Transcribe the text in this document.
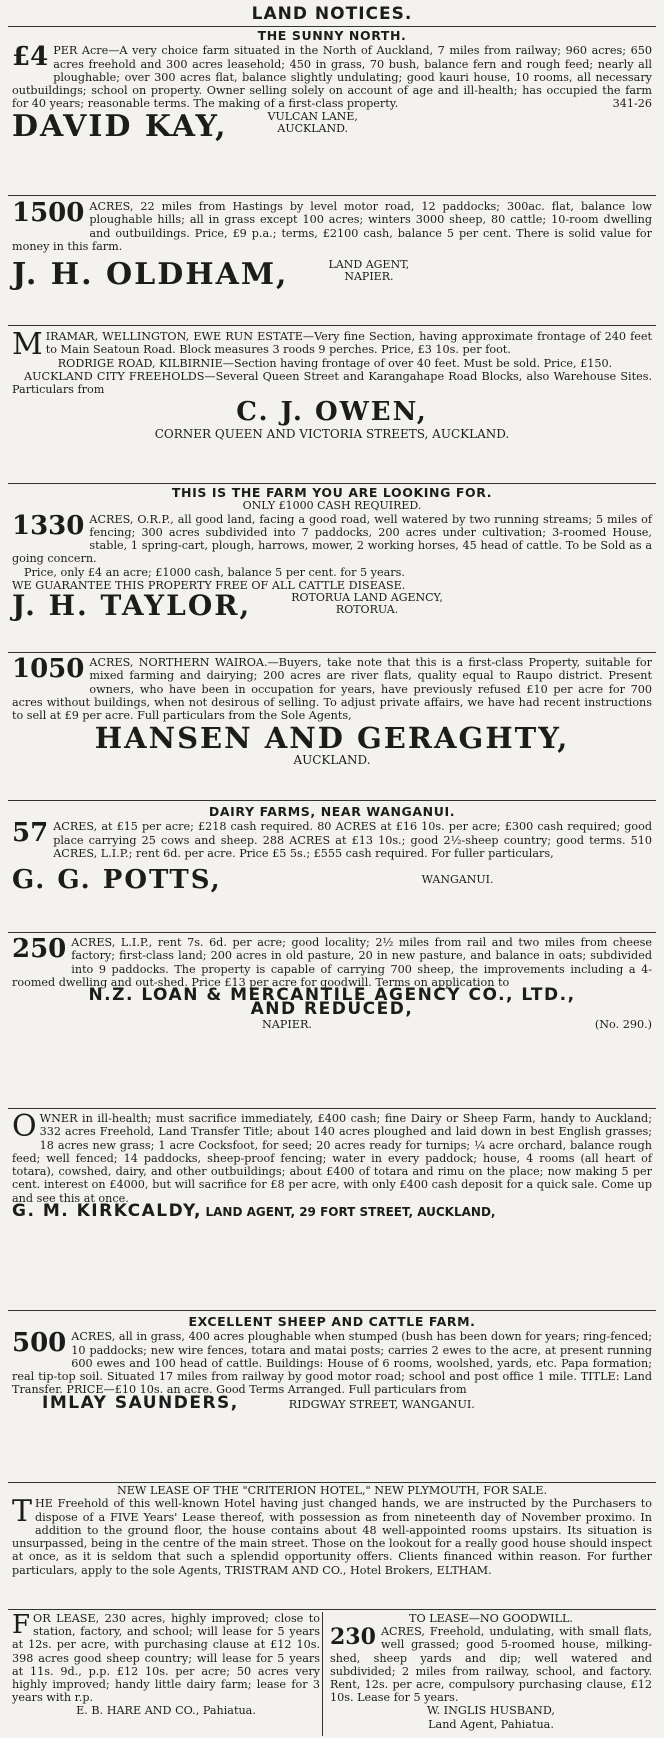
LAND NOTICES.
THE SUNNY NORTH.

£4 PER Acre—A very choice farm situated in the North of Auckland, 7 miles from railway; 960 acres; 650 acres freehold and 300 acres leasehold; 450 in grass, 70 bush, balance fern and rough feed; nearly all ploughable; over 300 acres flat, balance slightly undulating; good kauri house, 10 rooms, all necessary outbuildings; school on property. Owner selling solely on account of age and ill-health; has occupied the farm for 40 years; reasonable terms. The making of a first-class property.	341-26

DAVID KAY,	VULCAN LANE,
AUCKLAND.

1500 ACRES, 22 miles from Hastings by level motor road, 12 paddocks; 300ac. flat, balance low ploughable hills; all in grass except 100 acres; winters 3000 sheep, 80 cattle; 10-room dwelling and outbuildings. Price, £9 p.a.; terms, £2100 cash, balance 5 per cent. There is solid value for money in this farm.

J. H. OLDHAM,	LAND AGENT,
NAPIER.

MIRAMAR, WELLINGTON, EWE RUN ESTATE—Very fine Section, having approximate frontage of 240 feet to Main Seatoun Road. Block measures 3 roods 9 perches. Price, £3 10s. per foot.

RODRIGE ROAD, KILBIRNIE—Section having frontage of over 40 feet. Must be sold. Price, £150.

AUCKLAND CITY FREEHOLDS—Several Queen Street and Karangahape Road Blocks, also Warehouse Sites. Particulars from

C. J. OWEN,
CORNER QUEEN AND VICTORIA STREETS, AUCKLAND.
THIS IS THE FARM YOU ARE LOOKING FOR.
ONLY £1000 CASH REQUIRED.

1330 ACRES, O.R.P., all good land, facing a good road, well watered by two running streams; 5 miles of fencing; 300 acres subdivided into 7 paddocks, 200 acres under cultivation; 3-roomed House, stable, 1 spring-cart, plough, harrows, mower, 2 working horses, 45 head of cattle. To be Sold as a going concern.

Price, only £4 an acre; £1000 cash, balance 5 per cent. for 5 years.

WE GUARANTEE THIS PROPERTY FREE OF ALL CATTLE DISEASE.

J. H. TAYLOR,	ROTORUA LAND AGENCY,
ROTORUA.

1050 ACRES, NORTHERN WAIROA.—Buyers, take note that this is a first-class Property, suitable for mixed farming and dairying; 200 acres are river flats, quality equal to Raupo district. Present owners, who have been in occupation for years, have previously refused £10 per acre for 700 acres without buildings, when not desirous of selling. To adjust private affairs, we have had recent instructions to sell at £9 per acre. Full particulars from the Sole Agents,

HANSEN AND GERAGHTY,
AUCKLAND.
DAIRY FARMS, NEAR WANGANUI.

57 ACRES, at £15 per acre; £218 cash required. 80 ACRES at £16 10s. per acre; £300 cash required; good place carrying 25 cows and sheep. 288 ACRES at £13 10s.; good 2½-sheep country; good terms. 510 ACRES, L.I.P.; rent 6d. per acre. Price £5 5s.; £555 cash required. For fuller particulars,

G. G. POTTS,	WANGANUI.

250 ACRES, L.I.P., rent 7s. 6d. per acre; good locality; 2½ miles from rail and two miles from cheese factory; first-class land; 200 acres in old pasture, 20 in new pasture, and balance in oats; subdivided into 9 paddocks. The property is capable of carrying 700 sheep, the improvements including a 4-roomed dwelling and out-shed. Price £13 per acre for goodwill. Terms on application to

N.Z. LOAN & MERCANTILE AGENCY CO., LTD.,
AND REDUCED,
NAPIER.	(No. 290.)

OWNER in ill-health; must sacrifice immediately, £400 cash; fine Dairy or Sheep Farm, handy to Auckland; 332 acres Freehold, Land Transfer Title; about 140 acres ploughed and laid down in best English grasses; 18 acres new grass; 1 acre Cocksfoot, for seed; 20 acres ready for turnips; ¼ acre orchard, balance rough feed; well fenced; 14 paddocks, sheep-proof fencing; water in every paddock; house, 4 rooms (all heart of totara), cowshed, dairy, and other outbuildings; about £400 of totara and rimu on the place; now making 5 per cent. interest on £4000, but will sacrifice for £8 per acre, with only £400 cash deposit for a quick sale. Come up and see this at once.

G. M. KIRKCALDY, LAND AGENT, 29 FORT STREET, AUCKLAND,
EXCELLENT SHEEP AND CATTLE FARM.

500 ACRES, all in grass, 400 acres ploughable when stumped (bush has been down for years; ring-fenced; 10 paddocks; new wire fences, totara and matai posts; carries 2 ewes to the acre, at present running 600 ewes and 100 head of cattle. Buildings: House of 6 rooms, woolshed, yards, etc. Papa formation; real tip-top soil. Situated 17 miles from railway by good motor road; school and post office 1 mile. TITLE: Land Transfer. PRICE—£10 10s. an acre. Good Terms Arranged. Full particulars from

IMLAY SAUNDERS,	RIDGWAY STREET, WANGANUI.

NEW LEASE OF THE "CRITERION HOTEL," NEW PLYMOUTH, FOR SALE.

THE Freehold of this well-known Hotel having just changed hands, we are instructed by the Purchasers to dispose of a FIVE Years' Lease thereof, with possession as from nineteenth day of November proximo. In addition to the ground floor, the house contains about 48 well-appointed rooms upstairs. Its situation is unsurpassed, being in the centre of the main street. Those on the lookout for a really good house should inspect at once, as it is seldom that such a splendid opportunity offers. Clients financed within reason. For further particulars, apply to the sole Agents, TRISTRAM AND CO., Hotel Brokers, ELTHAM.

FOR LEASE, 230 acres, highly improved; close to station, factory, and school; will lease for 5 years at 12s. per acre, with purchasing clause at £12 10s. 398 acres good sheep country; will lease for 5 years at 11s. 9d., p.p. £12 10s. per acre; 50 acres very highly improved; handy little dairy farm; lease for 3 years with r.p.

E. B. HARE AND CO., Pahiatua.
TO LEASE—NO GOODWILL.

230 ACRES, Freehold, undulating, with small flats, well grassed; good 5-roomed house, milking-shed, sheep yards and dip; well watered and subdivided; 2 miles from railway, school, and factory. Rent, 12s. per acre, compulsory purchasing clause, £12 10s. Lease for 5 years.

W. INGLIS HUSBAND,
Land Agent, Pahiatua.
